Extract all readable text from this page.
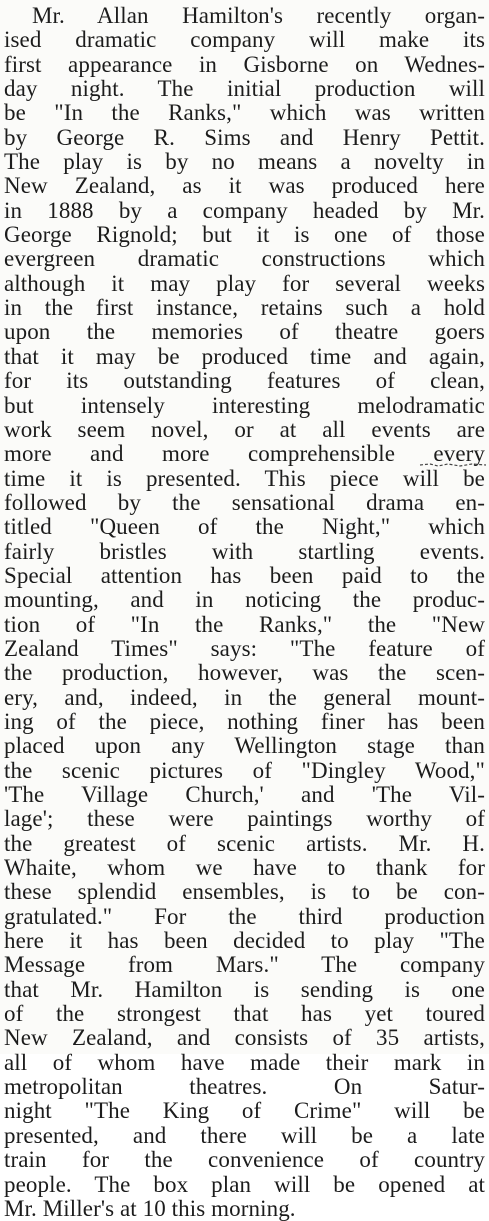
Mr. Allan Hamilton's recently organ-
ised dramatic company will make its
first appearance in Gisborne on Wednes-
day night. The initial production will
be "In the Ranks," which was written
by George R. Sims and Henry Pettit.
The play is by no means a novelty in
New Zealand, as it was produced here
in 1888 by a company headed by Mr.
George Rignold; but it is one of those
evergreen dramatic constructions which
although it may play for several weeks
in the first instance, retains such a hold
upon the memories of theatre goers
that it may be produced time and again,
for its outstanding features of clean,
but intensely interesting melodramatic
work seem novel, or at all events are
more and more comprehensible every
time it is presented. This piece will be
followed by the sensational drama en-
titled "Queen of the Night," which
fairly bristles with startling events.
Special attention has been paid to the
mounting, and in noticing the produc-
tion of "In the Ranks," the "New
Zealand Times" says: "The feature of
the production, however, was the scen-
ery, and, indeed, in the general mount-
ing of the piece, nothing finer has been
placed upon any Wellington stage than
the scenic pictures of "Dingley Wood,"
'The Village Church,' and 'The Vil-
lage'; these were paintings worthy of
the greatest of scenic artists. Mr. H.
Whaite, whom we have to thank for
these splendid ensembles, is to be con-
gratulated." For the third production
here it has been decided to play "The
Message from Mars." The company
that Mr. Hamilton is sending is one
of the strongest that has yet toured
New Zealand, and consists of 35 artists,
all of whom have made their mark in
metropolitan theatres. On Satur-
night "The King of Crime" will be
presented, and there will be a late
train for the convenience of country
people. The box plan will be opened at
Mr. Miller's at 10 this morning.
